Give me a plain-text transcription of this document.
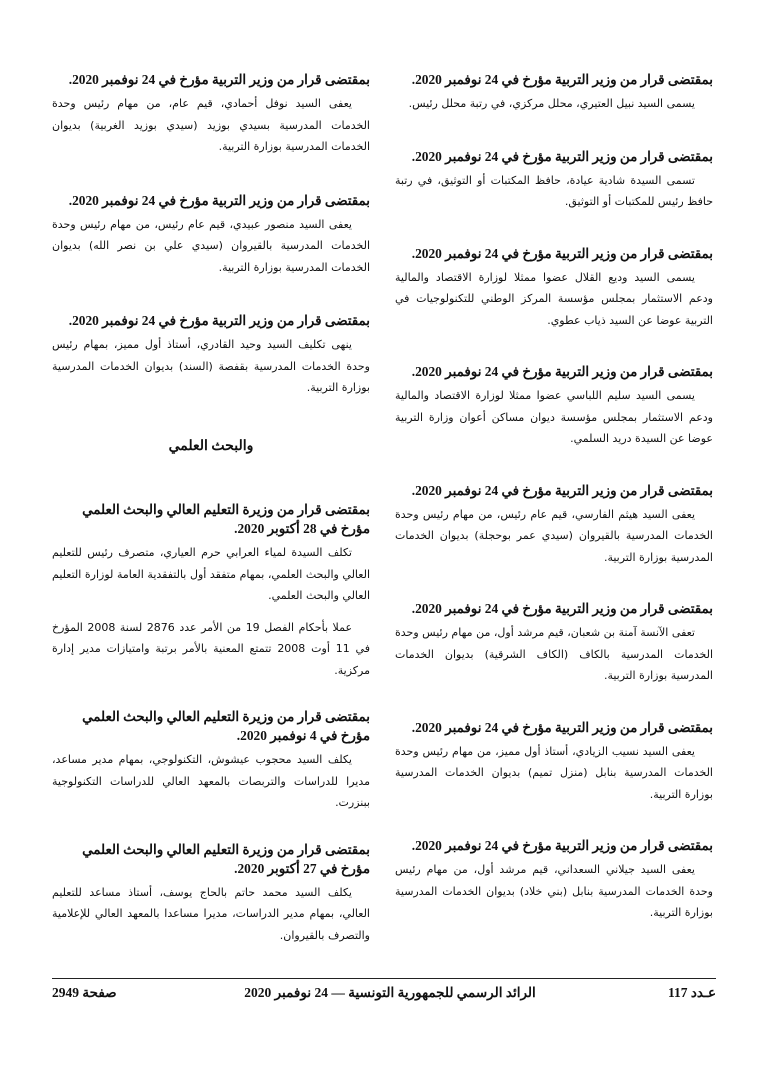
بمقتضى قرار من وزير التربية مؤرخ في 24 نوفمبر 2020.

يسمى السيد نبيل العتيري، محلل مركزي، في رتبة محلل رئيس.

بمقتضى قرار من وزير التربية مؤرخ في 24 نوفمبر 2020.

تسمى السيدة شادية عيادة، حافظ المكتبات أو التوثيق، في رتبة حافظ رئيس للمكتبات أو التوثيق.

بمقتضى قرار من وزير التربية مؤرخ في 24 نوفمبر 2020.

يسمى السيد وديع القلال عضوا ممثلا لوزارة الاقتصاد والمالية ودعم الاستثمار بمجلس مؤسسة المركز الوطني للتكنولوجيات في التربية عوضا عن السيد ذياب عطوي.

بمقتضى قرار من وزير التربية مؤرخ في 24 نوفمبر 2020.

يسمى السيد سليم اللباسي عضوا ممثلا لوزارة الاقتصاد والمالية ودعم الاستثمار بمجلس مؤسسة ديوان مساكن أعوان وزارة التربية عوضا عن السيدة دريد السلمي.

بمقتضى قرار من وزير التربية مؤرخ في 24 نوفمبر 2020.

يعفى السيد هيثم الفارسي، قيم عام رئيس، من مهام رئيس وحدة الخدمات المدرسية بالقيروان (سيدي عمر بوحجلة) بديوان الخدمات المدرسية بوزارة التربية.

بمقتضى قرار من وزير التربية مؤرخ في 24 نوفمبر 2020.

تعفى الآنسة آمنة بن شعبان، قيم مرشد أول، من مهام رئيس وحدة الخدمات المدرسية بالكاف (الكاف الشرقية) بديوان الخدمات المدرسية بوزارة التربية.

بمقتضى قرار من وزير التربية مؤرخ في 24 نوفمبر 2020.

يعفى السيد نسيب الزيادي، أستاذ أول مميز، من مهام رئيس وحدة الخدمات المدرسية بنابل (منزل تميم) بديوان الخدمات المدرسية بوزارة التربية.

بمقتضى قرار من وزير التربية مؤرخ في 24 نوفمبر 2020.

يعفى السيد جيلاني السعداني، قيم مرشد أول، من مهام رئيس وحدة الخدمات المدرسية بنابل (بني خلاد) بديوان الخدمات المدرسية بوزارة التربية.

بمقتضى قرار من وزير التربية مؤرخ في 24 نوفمبر 2020.

يعفى السيد نوفل أحمادي، قيم عام، من مهام رئيس وحدة الخدمات المدرسية بسيدي بوزيد (سيدي بوزيد الغربية) بديوان الخدمات المدرسية بوزارة التربية.

بمقتضى قرار من وزير التربية مؤرخ في 24 نوفمبر 2020.

يعفى السيد منصور عبيدي، قيم عام رئيس، من مهام رئيس وحدة الخدمات المدرسية بالقيروان (سيدي علي بن نصر الله) بديوان الخدمات المدرسية بوزارة التربية.

بمقتضى قرار من وزير التربية مؤرخ في 24 نوفمبر 2020.

ينهى تكليف السيد وحيد القادري، أستاذ أول مميز، بمهام رئيس وحدة الخدمات المدرسية بقفصة (السند) بديوان الخدمات المدرسية بوزارة التربية.

والبحث العلمي
بمقتضى قرار من وزيرة التعليم العالي والبحث العلمي مؤرخ في 28 أكتوبر 2020.

تكلف السيدة لمياء العرابي حرم العياري، متصرف رئيس للتعليم العالي والبحث العلمي، بمهام متفقد أول بالتفقدية العامة لوزارة التعليم العالي والبحث العلمي.

عملا بأحكام الفصل 19 من الأمر عدد 2876 لسنة 2008 المؤرخ في 11 أوت 2008 تتمتع المعنية بالأمر برتبة وامتيازات مدير إدارة مركزية.

بمقتضى قرار من وزيرة التعليم العالي والبحث العلمي مؤرخ في 4 نوفمبر 2020.

يكلف السيد محجوب عيشوش، التكنولوجي، بمهام مدير مساعد، مديرا للدراسات والتربصات بالمعهد العالي للدراسات التكنولوجية ببنزرت.

بمقتضى قرار من وزيرة التعليم العالي والبحث العلمي مؤرخ في 27 أكتوبر 2020.

يكلف السيد محمد حاتم بالحاج يوسف، أستاذ مساعد للتعليم العالي، بمهام مدير الدراسات، مديرا مساعدا بالمعهد العالي للإعلامية والتصرف بالقيروان.

عـدد 117
الرائد الرسمي للجمهورية التونسية — 24 نوفمبر 2020
صفحة 2949
